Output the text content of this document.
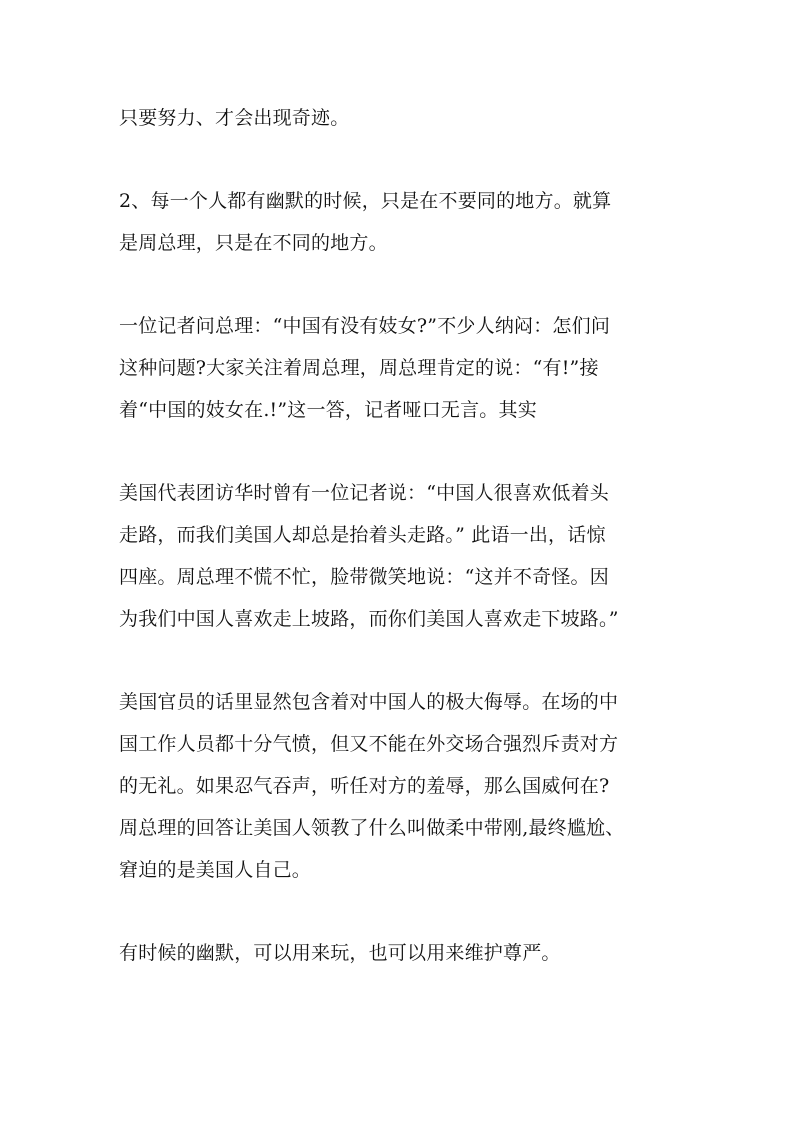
只要努力、才会出现奇迹。
2、每一个人都有幽默的时候，只是在不要同的地方。就算
是周总理，只是在不同的地方。
一位记者问总理：“中国有没有妓女?”不少人纳闷：怎们问
这种问题?大家关注着周总理，周总理肯定的说：“有!”接
着“中国的妓女在.!”这一答，记者哑口无言。其实
美国代表团访华时曾有一位记者说：“中国人很喜欢低着头
走路，而我们美国人却总是抬着头走路。” 此语一出，话惊
四座。周总理不慌不忙，脸带微笑地说：“这并不奇怪。因
为我们中国人喜欢走上坡路，而你们美国人喜欢走下坡路。”
美国官员的话里显然包含着对中国人的极大侮辱。在场的中
国工作人员都十分气愤，但又不能在外交场合强烈斥责对方
的无礼。如果忍气吞声，听任对方的羞辱，那么国威何在?
周总理的回答让美国人领教了什么叫做柔中带刚,最终尴尬、
窘迫的是美国人自己。
有时候的幽默，可以用来玩，也可以用来维护尊严。
